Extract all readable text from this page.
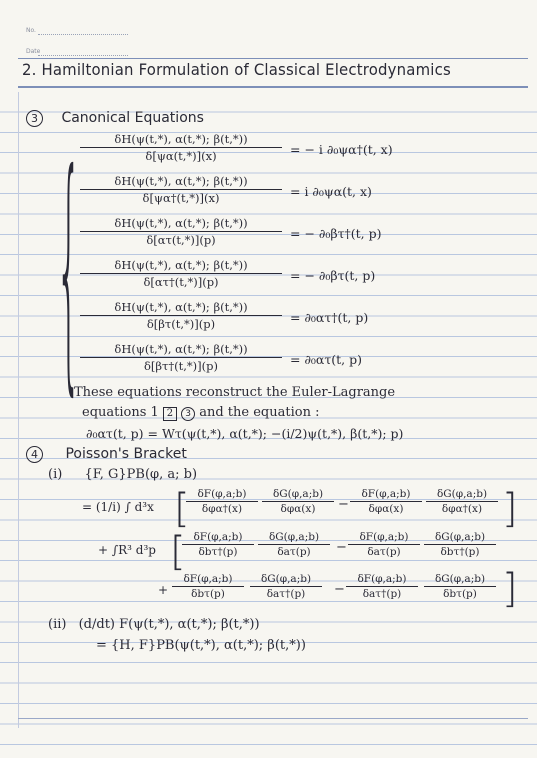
No.
Date
2. Hamiltonian Formulation of Classical Electrodynamics
3 Canonical Equations
{
$\frac{\delta H(\psi(t,*), \alpha(t,*); \beta(t,*))}{\delta[\psi\alpha(t,*)](x)}$ = − i ∂₀ψα†(t, x)
$\frac{\delta H(\psi(t,*), \alpha(t,*); \beta(t,*))}{\delta[\psi\alpha\dagger(t,*)](x)} = i$ ∂₀ψα(t, x)
$\frac{\delta H(\psi(t,*), \alpha(t,*); \beta(t,*))}{\delta[\alpha\tau(t,*)](p)}$ = − ∂₀βτ†(t, p)
$\frac{\delta H(\psi(t,*), \alpha(t,*); \beta(t,*))}{\delta[\alpha\tau\dagger(t,*)](p)}$ = − ∂₀βτ(t, p)
$\frac{\delta H(\psi(t,*), \alpha(t,*); \beta(t,*))}{\delta[\beta\tau(t,*)](p)}$ = ∂₀ατ†(t, p)
$\frac{\delta H(\psi(t,*), \alpha(t,*); \beta(t,*))}{\delta[\beta\tau\dagger(t,*)](p)} = \partial_0\alpha\tau(t$, p)
These equations reconstruct the Euler-Lagrange
equations 1 2 3 and the equation :
∂₀ατ(t, p) = Wτ(ψ(t,*), α(t,*); −(i/2)ψ(t,*), β(t,*); p)
4 Poisson's Bracket
(i) {F, G}PB(φ, a; b)
= (1/i) ∫ d³x [ δF(φ,a;b)
δφα†(x)
δG(φ,a;b)
δφα(x)	−
δF(φ,a;b)
δφα(x)
δG(φ,a;b)
δφα†(x) ]
+ ∫R³ d³p [ δF(φ,a;b)
δbτ†(p)
δG(φ,a;b)
δaτ(p)	−
δF(φ,a;b)
δaτ(p)
δG(φ,a;b)
δbτ†(p)
+
δF(φ,a;b)
δbτ(p)
δG(φ,a;b)
δaτ†(p)	−
δF(φ,a;b)
δaτ†(p)
δG(φ,a;b)
δbτ(p) ]
(ii) (d/dt) F(ψ(t,*), α(t,*); β(t,*))
= {H, F}PB(ψ(t,*), α(t,*); β(t,*))
